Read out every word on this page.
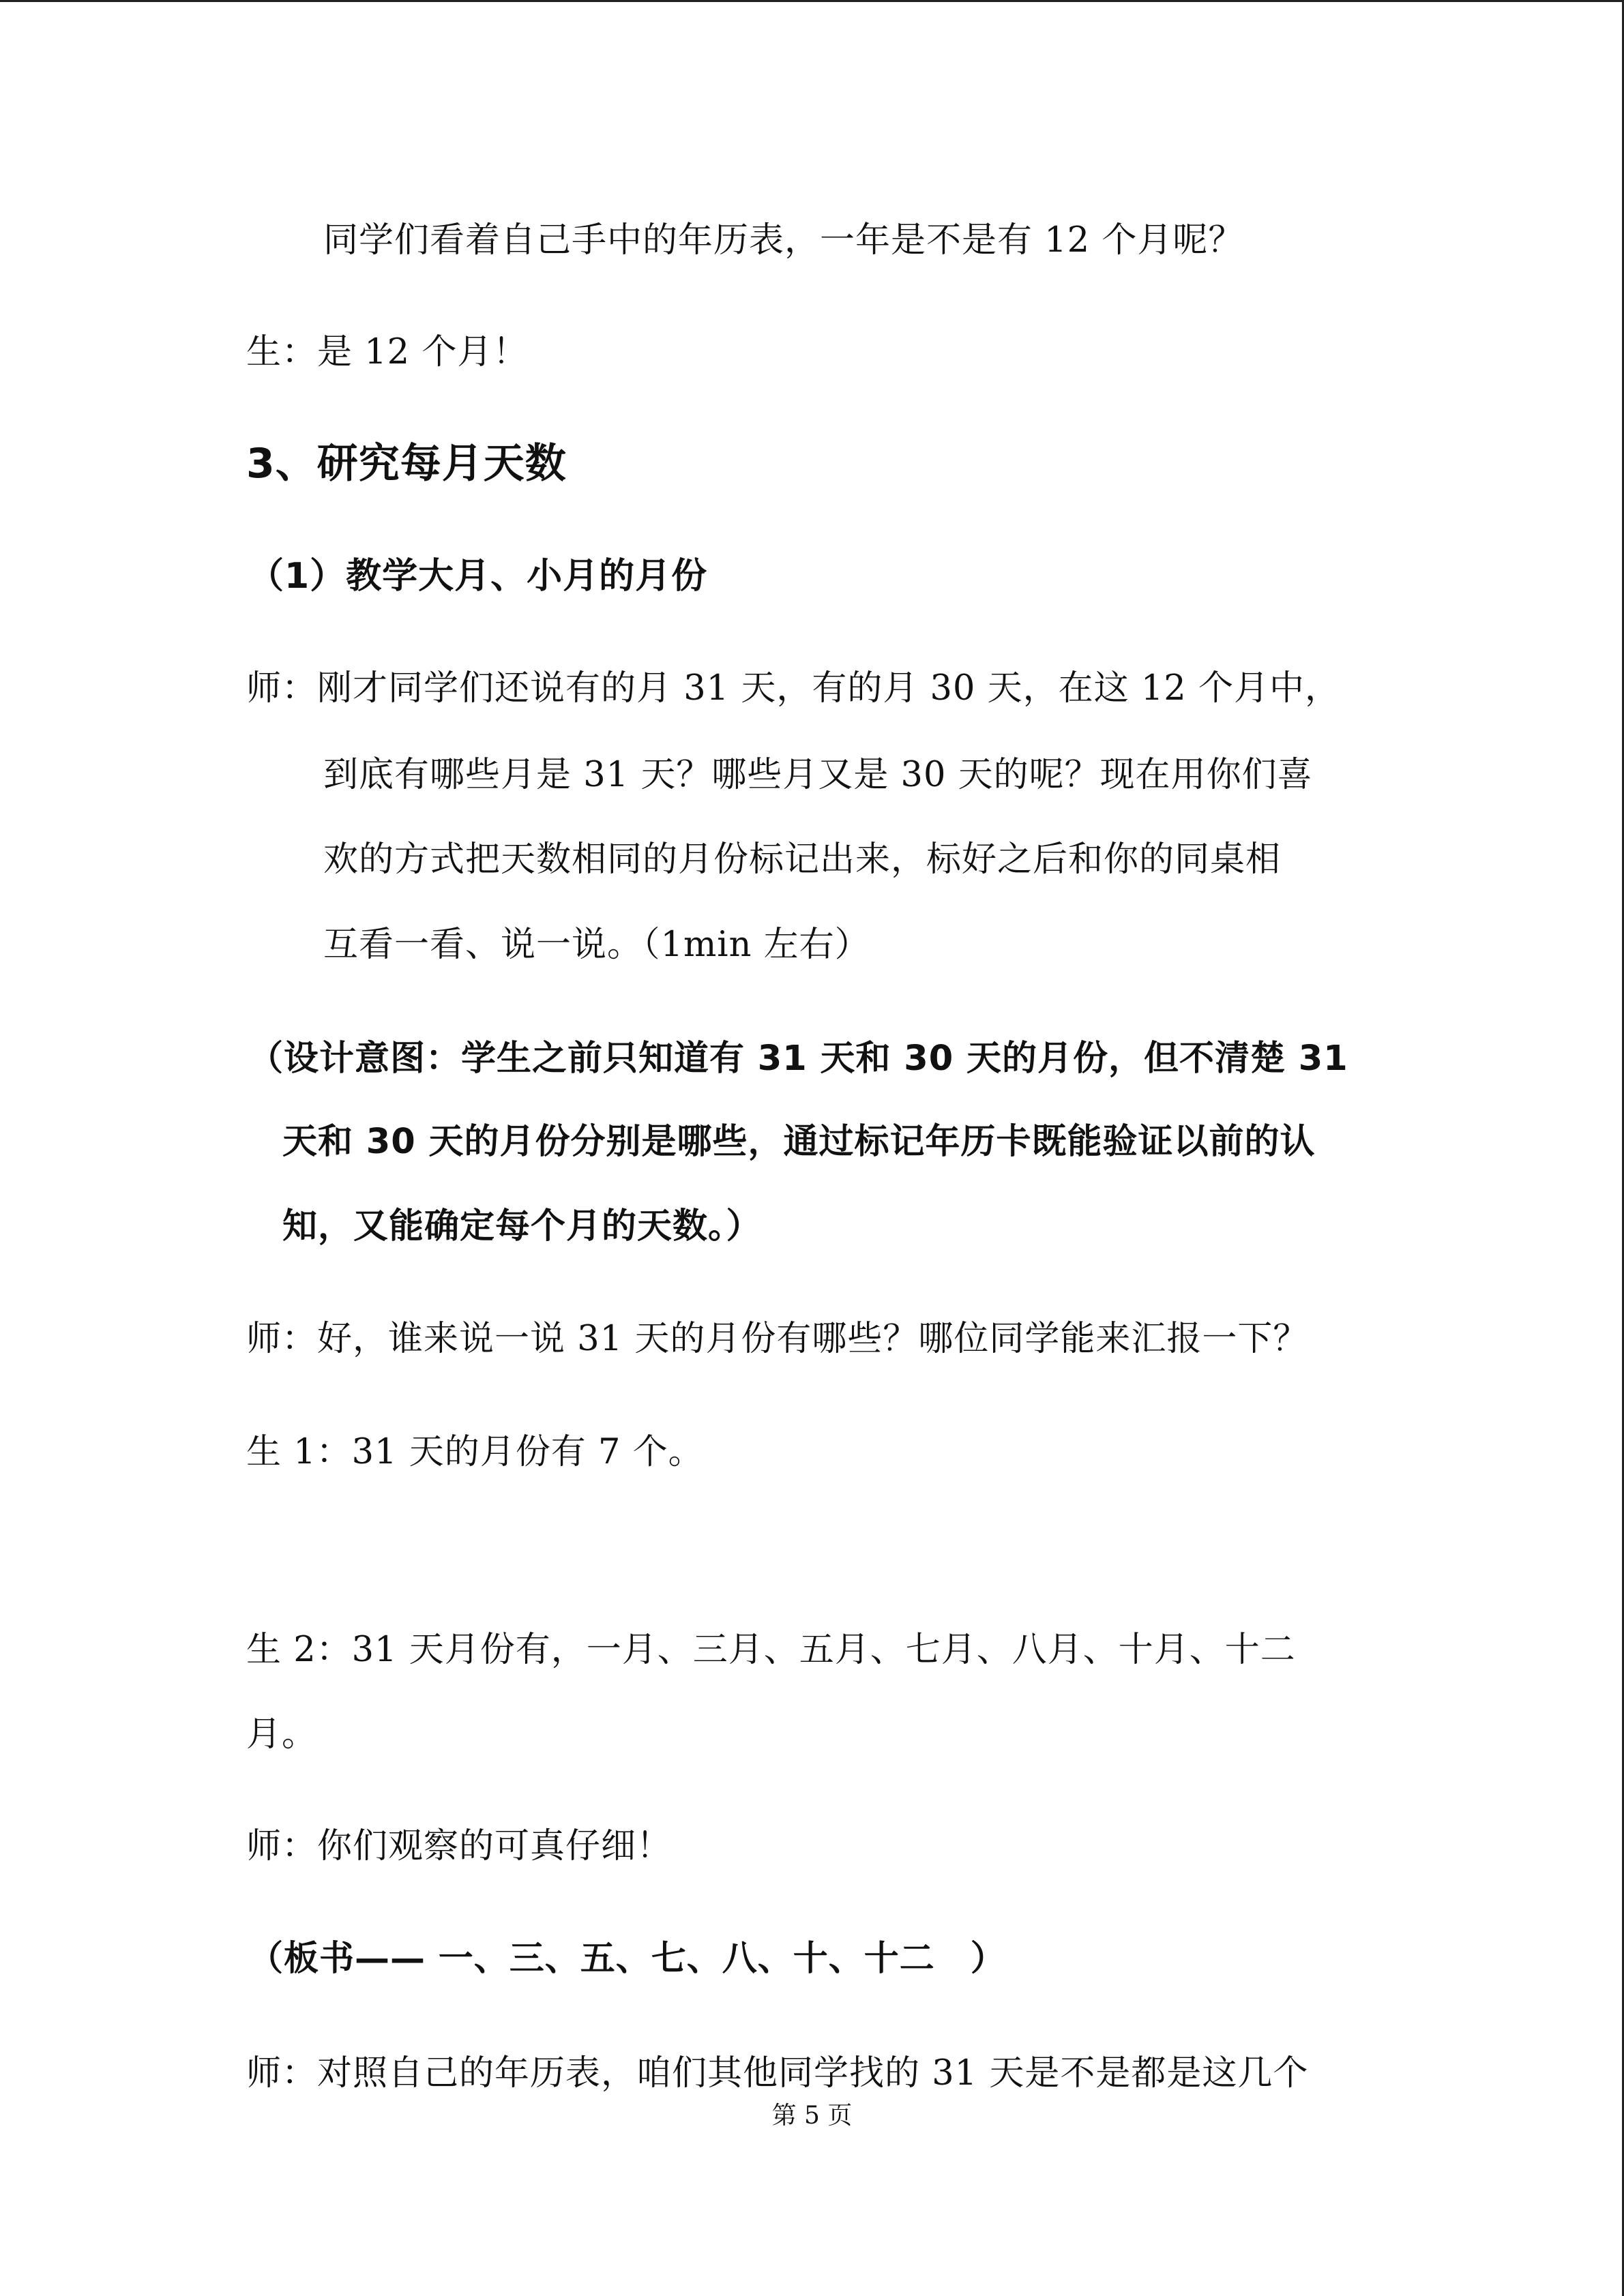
同学们看着自己手中的年历表，一年是不是有 12 个月呢？
生：是 12 个月！
3、研究每月天数
（1）教学大月、小月的月份
师：刚才同学们还说有的月 31 天，有的月 30 天，在这 12 个月中，
到底有哪些月是 31 天？哪些月又是 30 天的呢？现在用你们喜
欢的方式把天数相同的月份标记出来，标好之后和你的同桌相
互看一看、说一说。（1min 左右）
（设计意图：学生之前只知道有 31 天和 30 天的月份，但不清楚 31
天和 30 天的月份分别是哪些，通过标记年历卡既能验证以前的认
知，又能确定每个月的天数。）
师：好，谁来说一说 31 天的月份有哪些？哪位同学能来汇报一下？
生 1：31 天的月份有 7 个。
生 2：31 天月份有，一月、三月、五月、七月、八月、十月、十二
月。
师：你们观察的可真仔细！
（板书—— 一、三、五、七、八、十、十二　）
师：对照自己的年历表，咱们其他同学找的 31 天是不是都是这几个
第 5 页
